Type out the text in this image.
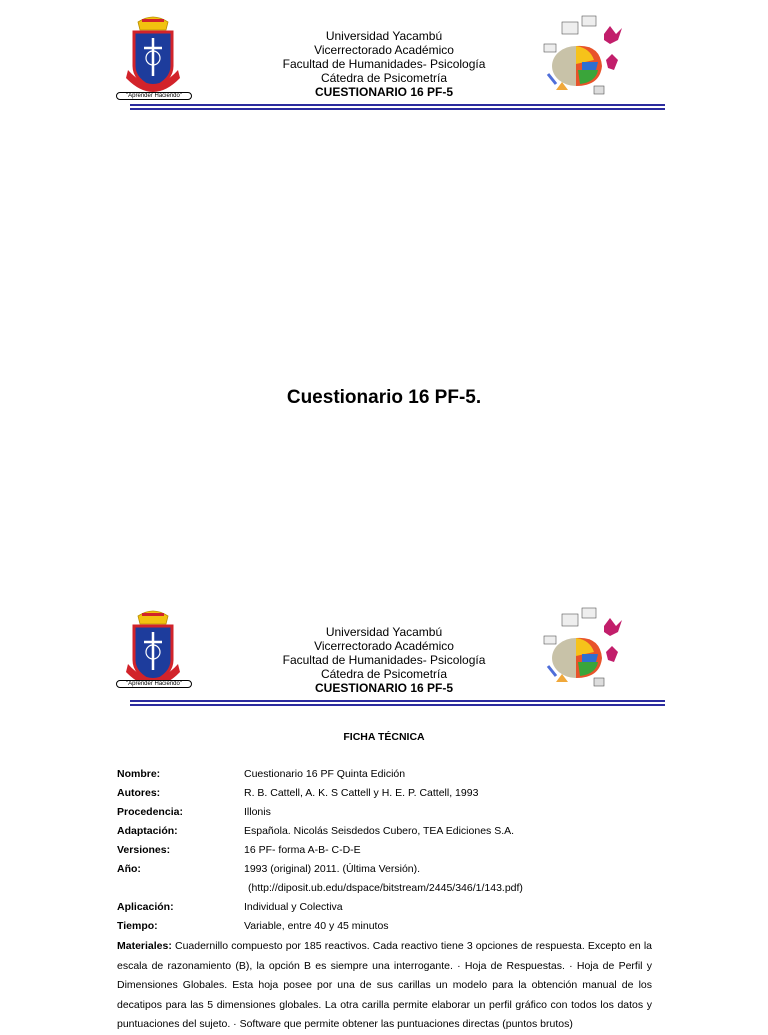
"Aprender Haciendo"
Universidad Yacambú
Vicerrectorado Académico
Facultad de Humanidades- Psicología
Cátedra de Psicometría
CUESTIONARIO 16 PF-5
Cuestionario 16 PF-5.
"Aprender Haciendo"
Universidad Yacambú
Vicerrectorado Académico
Facultad de Humanidades- Psicología
Cátedra de Psicometría
CUESTIONARIO 16 PF-5
FICHA TÉCNICA
Nombre:	Cuestionario 16 PF Quinta Edición
Autores:	R. B. Cattell, A. K. S Cattell y H. E. P. Cattell, 1993
Procedencia:	Illonis
Adaptación:	Española. Nicolás Seisdedos Cubero, TEA Ediciones S.A.
Versiones:	16 PF- forma A-B- C-D-E
Año:	1993 (original) 2011. (Última Versión).
(http://diposit.ub.edu/dspace/bitstream/2445/346/1/143.pdf)
Aplicación:	Individual y Colectiva
Tiempo:	Variable, entre 40 y 45 minutos
Materiales: Cuadernillo compuesto por 185 reactivos. Cada reactivo tiene 3 opciones de respuesta. Excepto en la escala de razonamiento (B), la opción B es siempre una interrogante. · Hoja de Respuestas. · Hoja de Perfil y Dimensiones Globales. Esta hoja posee por una de sus carillas un modelo para la obtención manual de los decatipos para las 5 dimensiones globales. La otra carilla permite elaborar un perfil gráfico con todos los datos y puntuaciones del sujeto. · Software que permite obtener las puntuaciones directas (puntos brutos)
